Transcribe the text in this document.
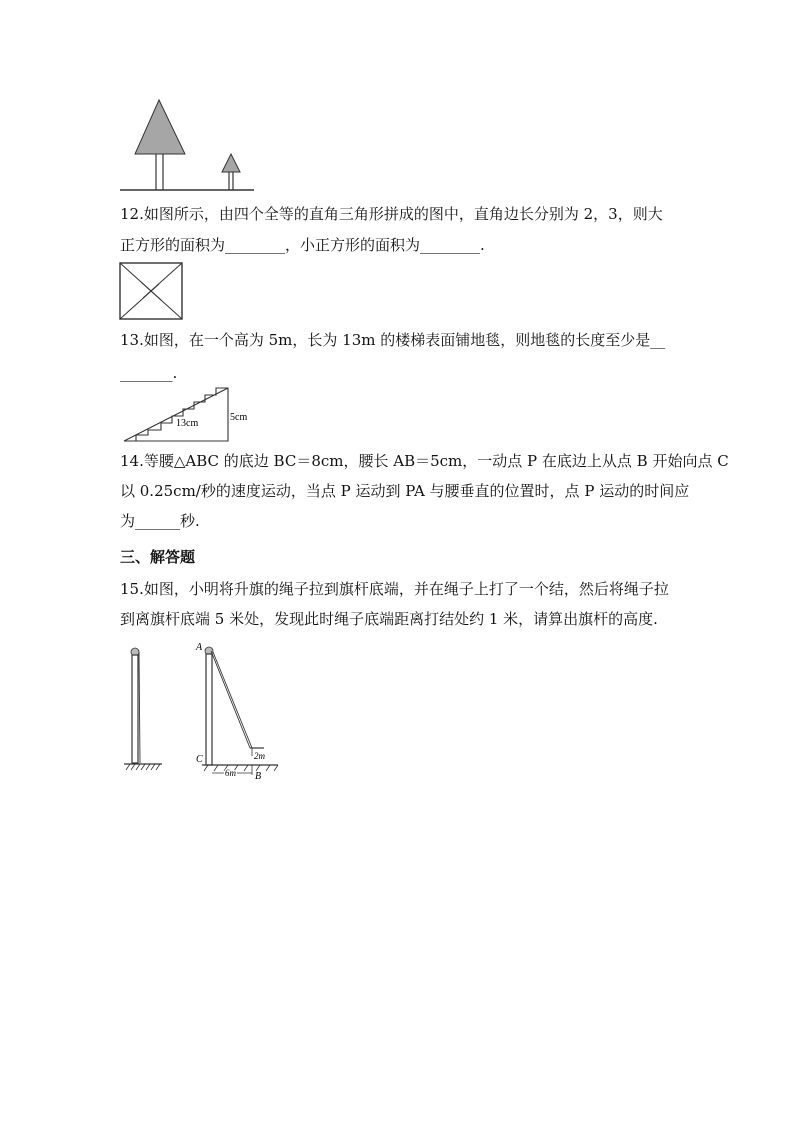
12.如图所示，由四个全等的直角三角形拼成的图中，直角边长分别为 2，3，则大
正方形的面积为________，小正方形的面积为________.
13.如图，在一个高为 5m，长为 13m 的楼梯表面铺地毯，则地毯的长度至少是__
_______.
13cm
5cm
14.等腰△ABC 的底边 BC＝8cm，腰长 AB＝5cm，一动点 P 在底边上从点 B 开始向点 C
以 0.25cm/秒的速度运动，当点 P 运动到 PA 与腰垂直的位置时，点 P 运动的时间应
为______秒.
三、解答题
15.如图，小明将升旗的绳子拉到旗杆底端，并在绳子上打了一个结，然后将绳子拉
到离旗杆底端 5 米处，发现此时绳子底端距离打结处约 1 米，请算出旗杆的高度.
A
2m
C
6m B
